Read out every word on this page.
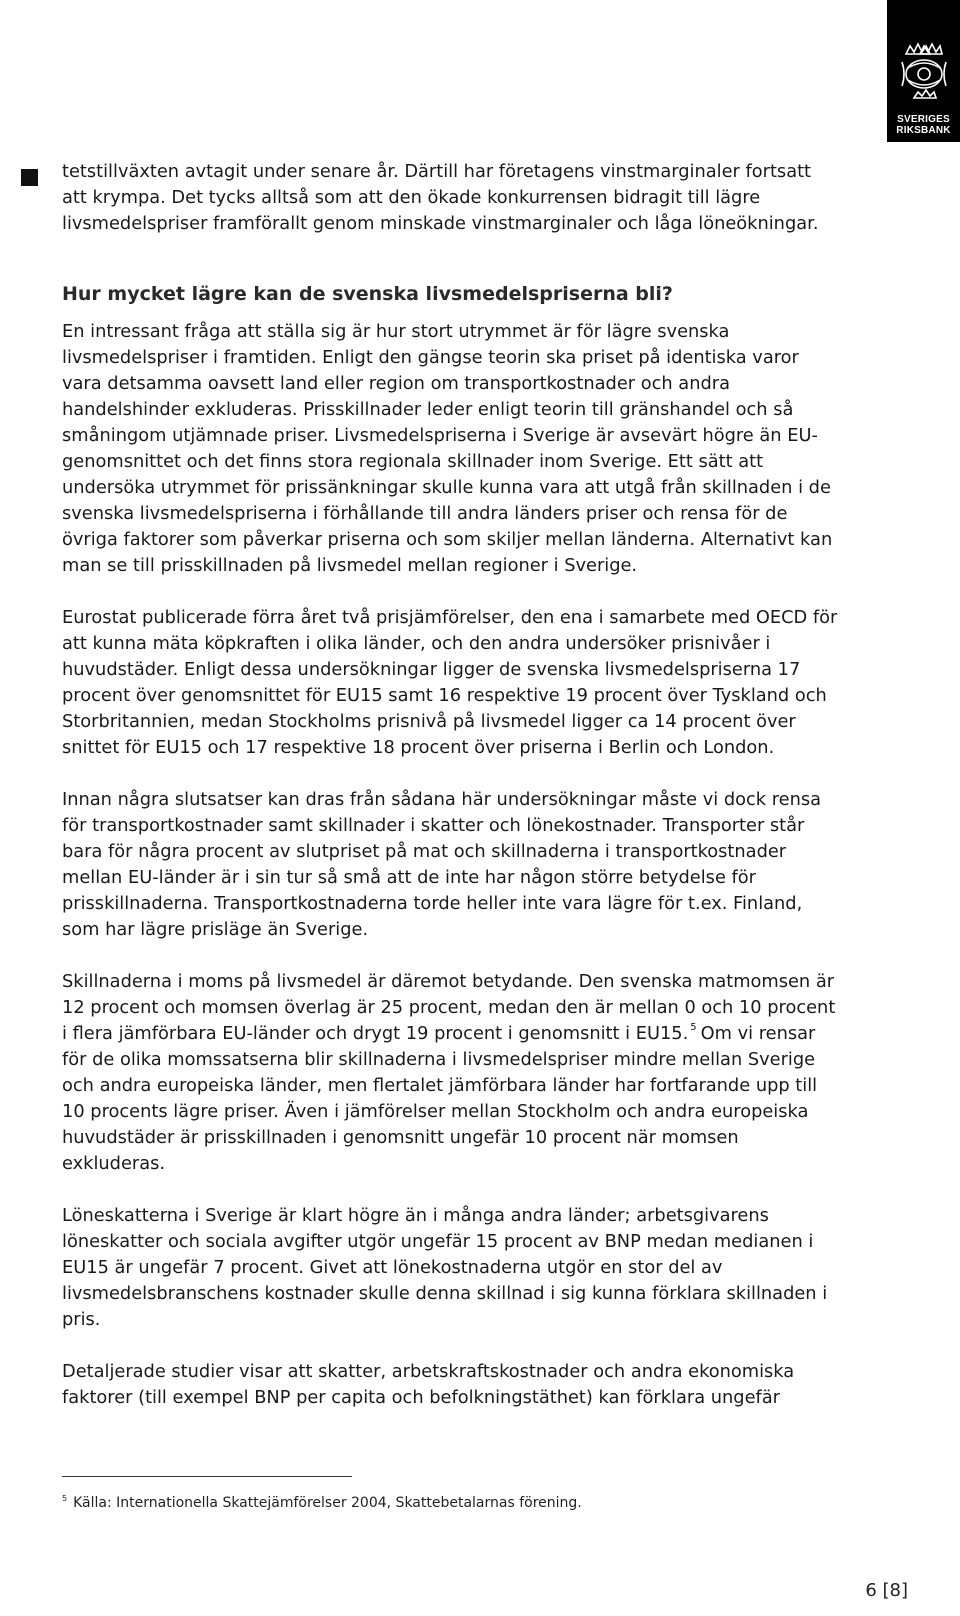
SVERIGES
RIKSBANK

tetstillväxten avtagit under senare år. Därtill har företagens vinstmarginaler fortsatt att krympa. Det tycks alltså som att den ökade konkurrensen bidragit till lägre livsmedelspriser framförallt genom minskade vinstmarginaler och låga löneökningar.

Hur mycket lägre kan de svenska livsmedelspriserna bli?

En intressant fråga att ställa sig är hur stort utrymmet är för lägre svenska livsmedelspriser i framtiden. Enligt den gängse teorin ska priset på identiska varor vara detsamma oavsett land eller region om transportkostnader och andra handelshinder exkluderas. Prisskillnader leder enligt teorin till gränshandel och så småningom utjämnade priser. Livsmedelspriserna i Sverige är avsevärt högre än EU-genomsnittet och det finns stora regionala skillnader inom Sverige. Ett sätt att undersöka utrymmet för prissänkningar skulle kunna vara att utgå från skillnaden i de svenska livsmedelspriserna i förhållande till andra länders priser och rensa för de övriga faktorer som påverkar priserna och som skiljer mellan länderna. Alternativt kan man se till prisskillnaden på livsmedel mellan regioner i Sverige.

Eurostat publicerade förra året två prisjämförelser, den ena i samarbete med OECD för att kunna mäta köpkraften i olika länder, och den andra undersöker prisnivåer i huvudstäder. Enligt dessa undersökningar ligger de svenska livsmedelspriserna 17 procent över genomsnittet för EU15 samt 16 respektive 19 procent över Tyskland och Storbritannien, medan Stockholms prisnivå på livsmedel ligger ca 14 procent över snittet för EU15 och 17 respektive 18 procent över priserna i Berlin och London.

Innan några slutsatser kan dras från sådana här undersökningar måste vi dock rensa för transportkostnader samt skillnader i skatter och lönekostnader. Transporter står bara för några procent av slutpriset på mat och skillnaderna i transportkostnader mellan EU-länder är i sin tur så små att de inte har någon större betydelse för prisskillnaderna. Transportkostnaderna torde heller inte vara lägre för t.ex. Finland, som har lägre prisläge än Sverige.

Skillnaderna i moms på livsmedel är däremot betydande. Den svenska matmomsen är 12 procent och momsen överlag är 25 procent, medan den är mellan 0 och 10 procent i flera jämförbara EU-länder och drygt 19 procent i genomsnitt i EU15. $^5$ Om vi rensar för de olika momssatserna blir skillnaderna i livsmedelspriser mindre mellan Sverige och andra europeiska länder, men flertalet jämförbara länder har fortfarande upp till 10 procents lägre priser. Även i jämförelser mellan Stockholm och andra europeiska huvudstäder är prisskillnaden i genomsnitt ungefär 10 procent när momsen exkluderas.

Löneskatterna i Sverige är klart högre än i många andra länder; arbetsgivarens löneskatter och sociala avgifter utgör ungefär 15 procent av BNP medan medianen i EU15 är ungefär 7 procent. Givet att lönekostnaderna utgör en stor del av livsmedelsbranschens kostnader skulle denna skillnad i sig kunna förklara skillnaden i pris.

Detaljerade studier visar att skatter, arbetskraftskostnader och andra ekonomiska faktorer (till exempel BNP per capita och befolkningstäthet) kan förklara ungefär

$^5$ Källa: Internationella Skattejämförelser 2004, Skattebetalarnas förening.
6 [8]
